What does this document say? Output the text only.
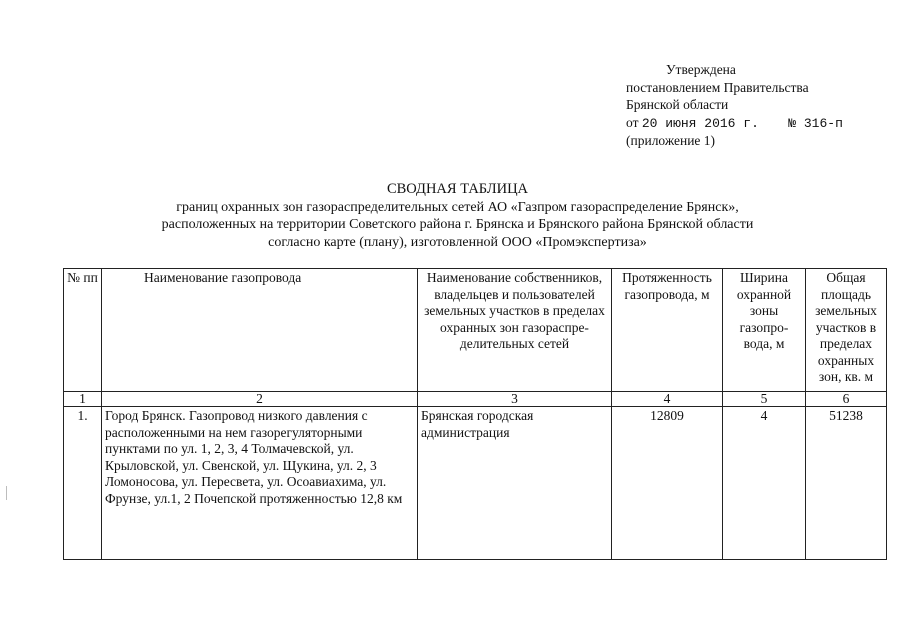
Утверждена
постановлением Правительства
Брянской области
от 20 июня 2016 г. № 316-п
(приложение 1)
СВОДНАЯ ТАБЛИЦА
границ охранных зон газораспределительных сетей АО «Газпром газораспределение Брянск»,
расположенных на территории Советского района г. Брянска и Брянского района Брянской области
согласно карте (плану), изготовленной ООО «Промэкспертиза»
№ пп	Наименование газопровода	Наименование собственников, владельцев и пользователей земельных участков в пределах охранных зон газораспре-делительных сетей	Протяженность газопровода, м	Ширина охранной зоны газопро-вода, м	Общая площадь земельных участков в пределах охранных зон, кв. м
1	2	3	4	5	6
1.	Город Брянск. Газопровод низкого давления с расположенными на нем газорегуляторными пунктами по ул. 1, 2, 3, 4 Толмачевской, ул. Крыловской, ул. Свенской, ул. Щукина, ул. 2, 3 Ломоносова, ул. Пересвета, ул. Осоавиахима, ул. Фрунзе, ул.1, 2 Почепской протяженностью 12,8 км	Брянская городская администрация	12809	4	51238
